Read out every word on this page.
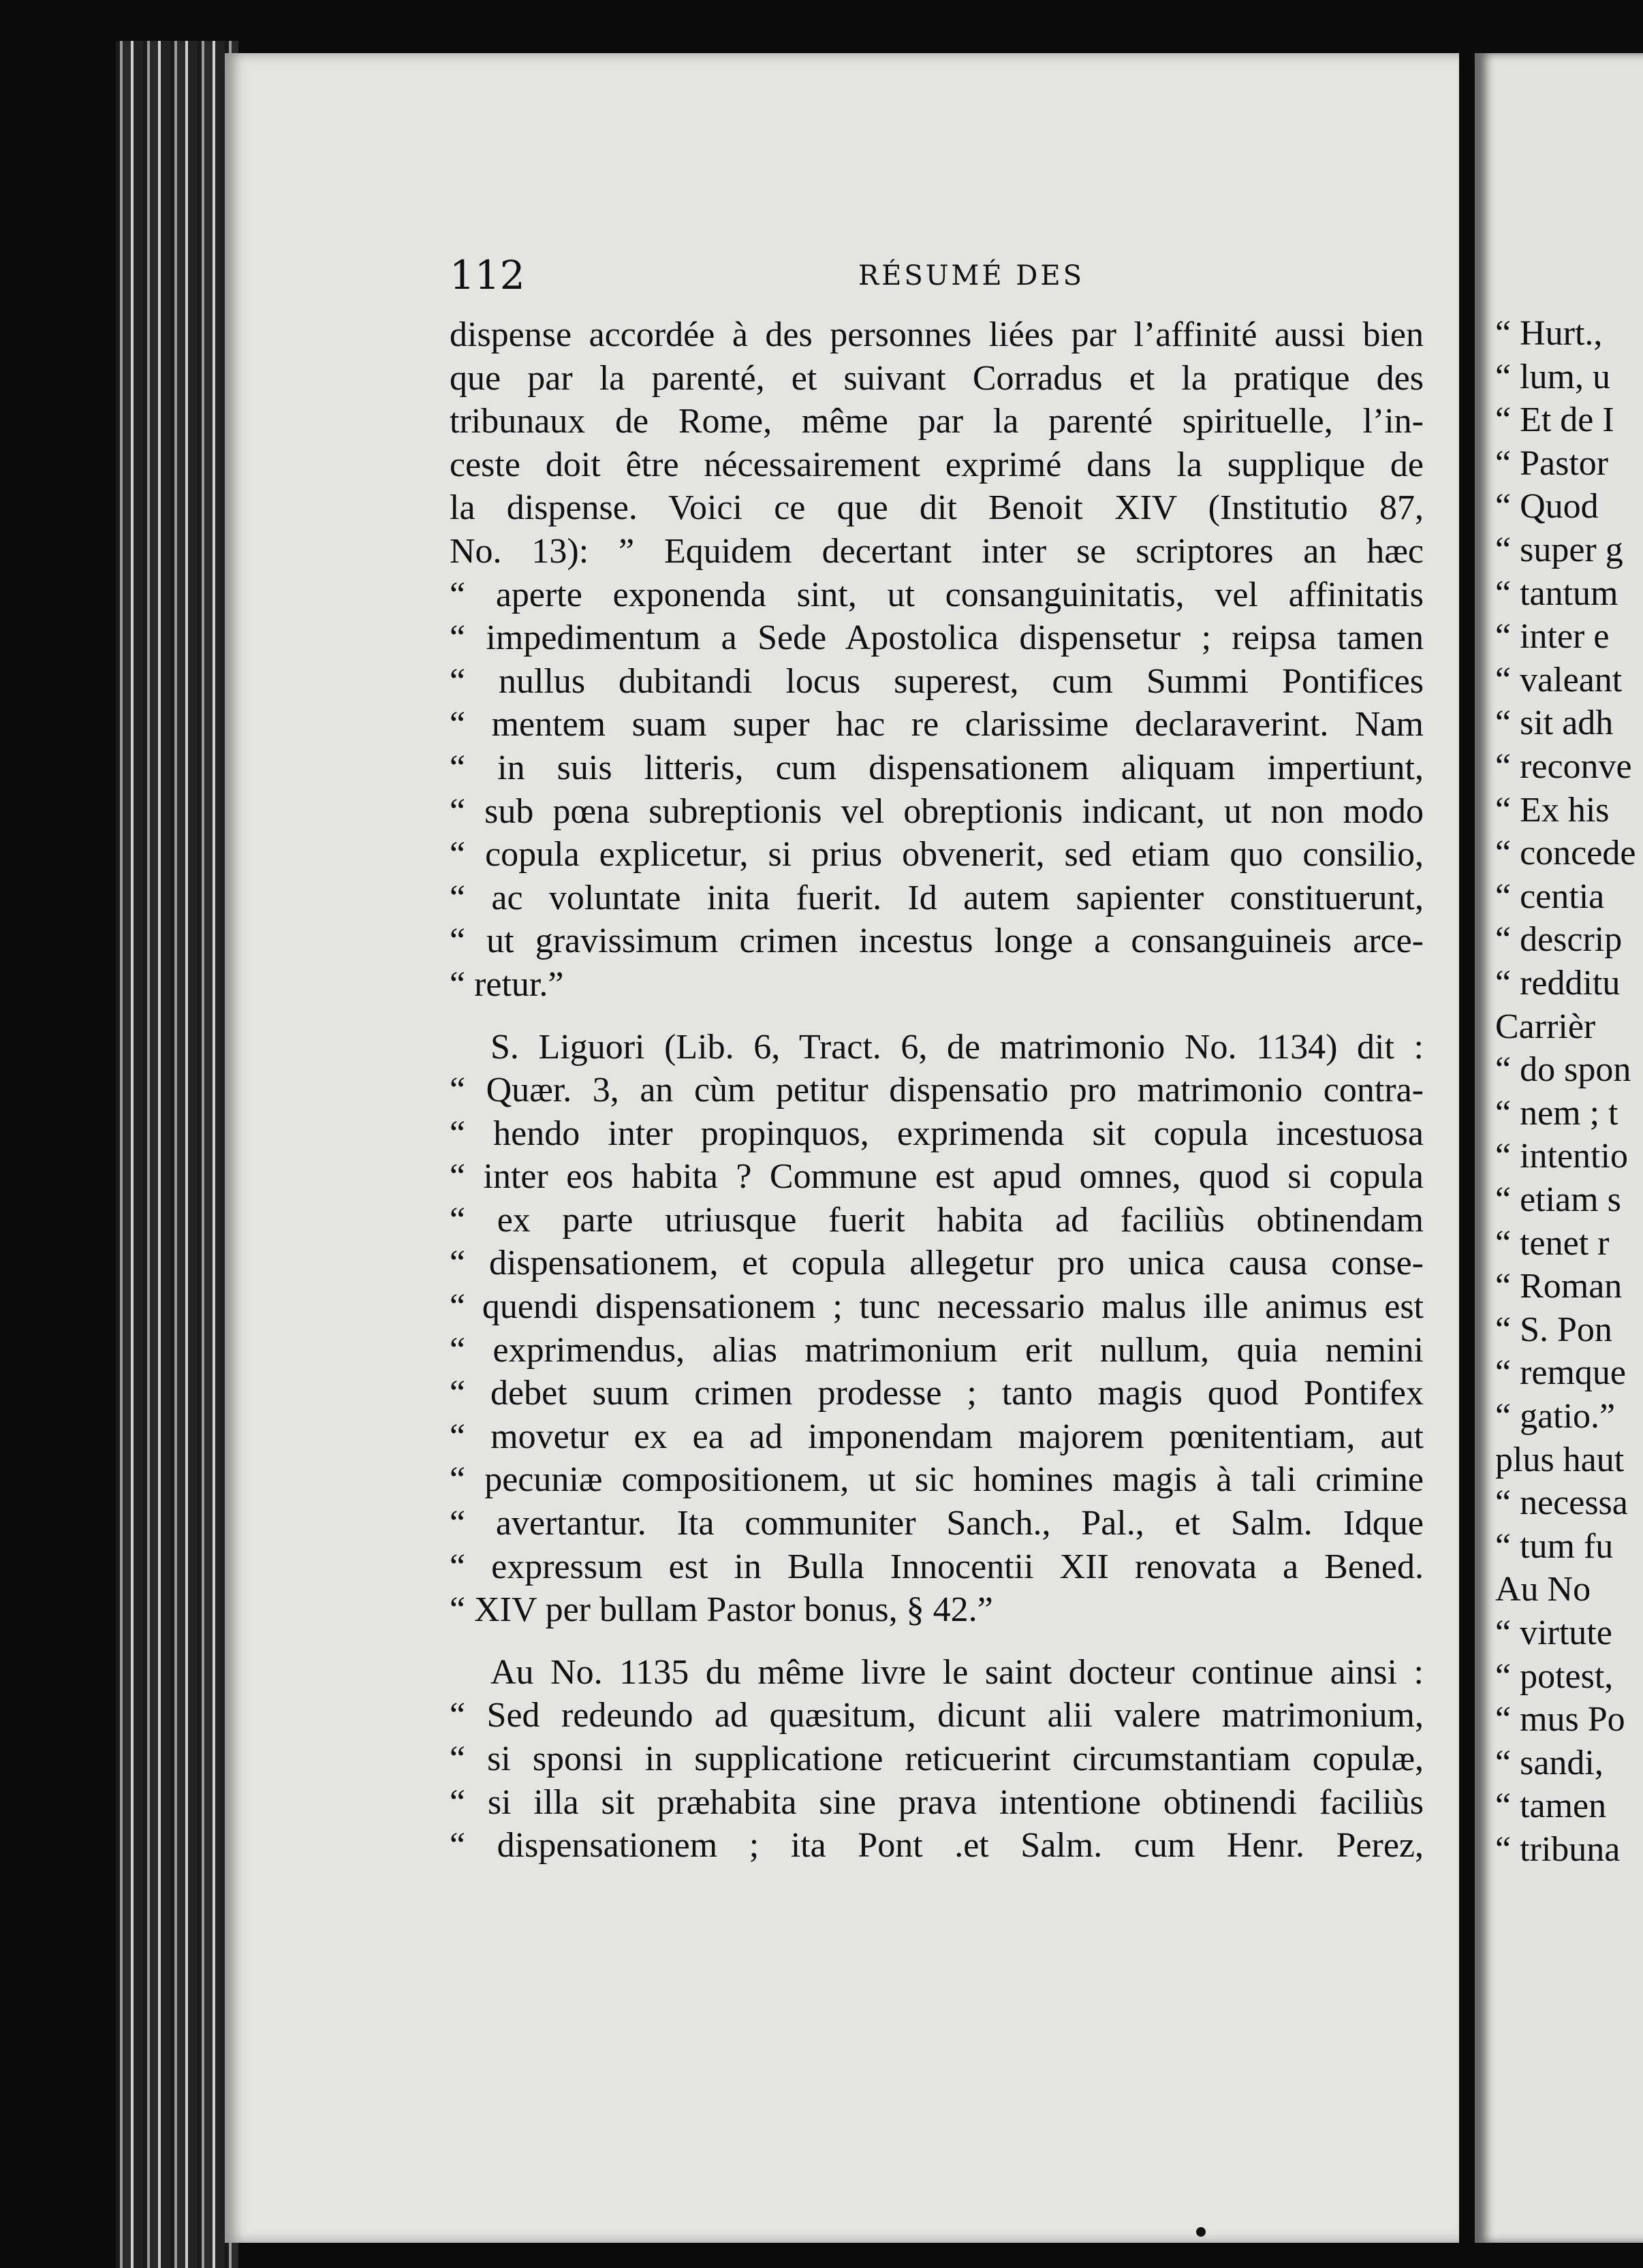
112	RÉSUMÉ DES
dispense accordée à des personnes liées par l’affinité aussi bien
que par la parenté, et suivant Corradus et la pratique des
tribunaux de Rome, même par la parenté spirituelle, l’in-
ceste doit être nécessairement exprimé dans la supplique de
la dispense. Voici ce que dit Benoit XIV (Institutio 87,
No. 13): ” Equidem decertant inter se scriptores an hæc
“ aperte exponenda sint, ut consanguinitatis, vel affinitatis
“ impedimentum a Sede Apostolica dispensetur ; reipsa tamen
“ nullus dubitandi locus superest, cum Summi Pontifices
“ mentem suam super hac re clarissime declaraverint. Nam
“ in suis litteris, cum dispensationem aliquam impertiunt,
“ sub pœna subreptionis vel obreptionis indicant, ut non modo
“ copula explicetur, si prius obvenerit, sed etiam quo consilio,
“ ac voluntate inita fuerit. Id autem sapienter constituerunt,
“ ut gravissimum crimen incestus longe a consanguineis arce-
“ retur.”
S. Liguori (Lib. 6, Tract. 6, de matrimonio No. 1134) dit :
“ Quær. 3, an cùm petitur dispensatio pro matrimonio contra-
“ hendo inter propinquos, exprimenda sit copula incestuosa
“ inter eos habita ? Commune est apud omnes, quod si copula
“ ex parte utriusque fuerit habita ad faciliùs obtinendam
“ dispensationem, et copula allegetur pro unica causa conse-
“ quendi dispensationem ; tunc necessario malus ille animus est
“ exprimendus, alias matrimonium erit nullum, quia nemini
“ debet suum crimen prodesse ; tanto magis quod Pontifex
“ movetur ex ea ad imponendam majorem pœnitentiam, aut
“ pecuniæ compositionem, ut sic homines magis à tali crimine
“ avertantur. Ita communiter Sanch., Pal., et Salm. Idque
“ expressum est in Bulla Innocentii XII renovata a Bened.
“ XIV per bullam Pastor bonus, § 42.”
Au No. 1135 du même livre le saint docteur continue ainsi :
“ Sed redeundo ad quæsitum, dicunt alii valere matrimonium,
“ si sponsi in supplicatione reticuerint circumstantiam copulæ,
“ si illa sit præhabita sine prava intentione obtinendi faciliùs
“ dispensationem ; ita Pont .et Salm. cum Henr. Perez,
“ Hurt.,
“ lum, u
“ Et de I
“ Pastor
“ Quod
“ super g
“ tantum
“ inter e
“ valeant
“ sit adh
“ reconve
“ Ex his
“ concede
“ centia
“ descrip
“ redditu
Carrièr
“ do spon
“ nem ; t
“ intentio
“ etiam s
“ tenet r
“ Roman
“ S. Pon
“ remque
“ gatio.”
plus haut
“ necessa
“ tum fu
Au No
“ virtute
“ potest,
“ mus Po
“ sandi,
“ tamen
“ tribuna
